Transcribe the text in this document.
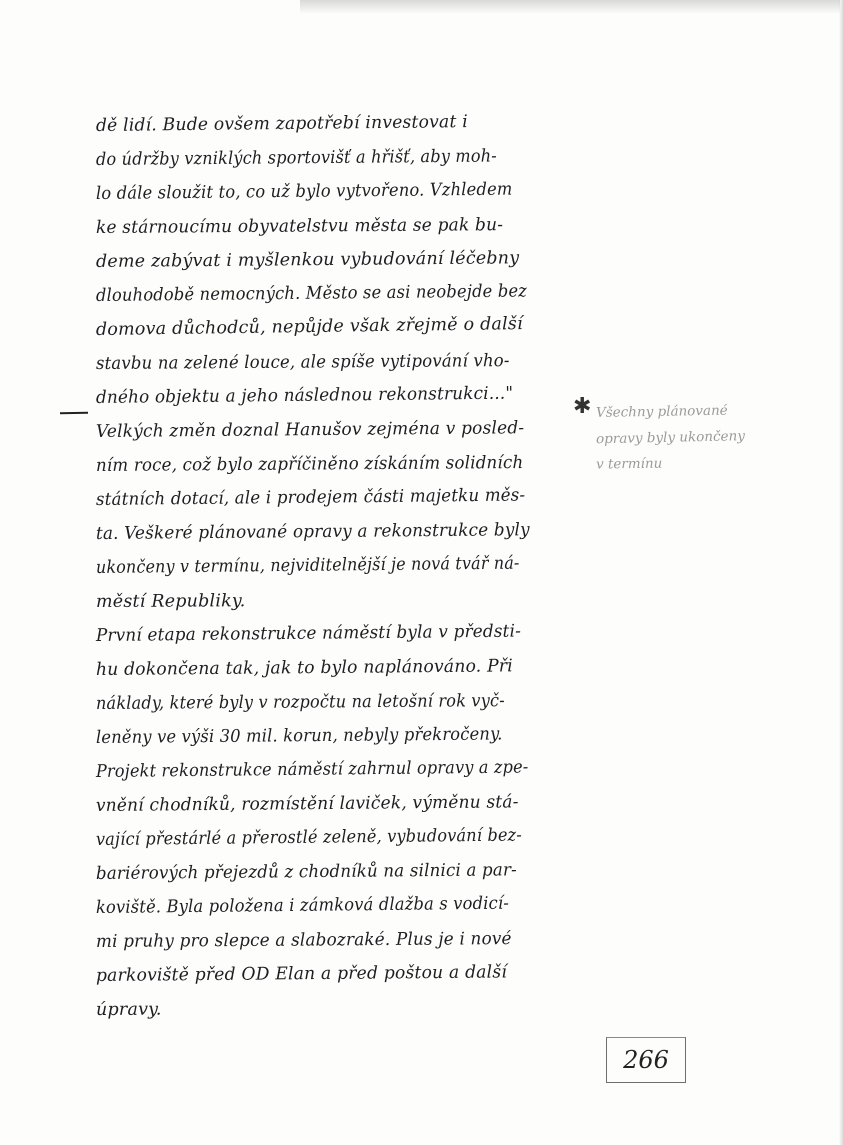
dě lidí. Bude ovšem zapotřebí investovat i
do údržby vzniklých sportovišť a hřišť, aby moh-
lo dále sloužit to, co už bylo vytvořeno. Vzhledem
ke stárnoucímu obyvatelstvu města se pak bu-
deme zabývat i myšlenkou vybudování léčebny
dlouhodobě nemocných. Město se asi neobejde bez
domova důchodců, nepůjde však zřejmě o další
stavbu na zelené louce, ale spíše vytipování vho-
dného objektu a jeho následnou rekonstrukci..."
Velkých změn doznal Hanušov zejména v posled-
ním roce, což bylo zapříčiněno získáním solidních
státních dotací, ale i prodejem části majetku měs-
ta. Veškeré plánované opravy a rekonstrukce byly
ukončeny v termínu, nejviditelnější je nová tvář ná-
městí Republiky.
První etapa rekonstrukce náměstí byla v předsti-
hu dokončena tak, jak to bylo naplánováno. Při
náklady, které byly v rozpočtu na letošní rok vyč-
leněny ve výši 30 mil. korun, nebyly překročeny.
Projekt rekonstrukce náměstí zahrnul opravy a zpe-
vnění chodníků, rozmístění laviček, výměnu stá-
vající přestárlé a přerostlé zeleně, vybudování bez-
bariérových přejezdů z chodníků na silnici a par-
koviště. Byla položena i zámková dlažba s vodicí-
mi pruhy pro slepce a slabozraké. Plus je i nové
parkoviště před OD Elan a před poštou a další
úpravy.
✱ Všechny plánované
opravy byly ukončeny
v termínu
266
